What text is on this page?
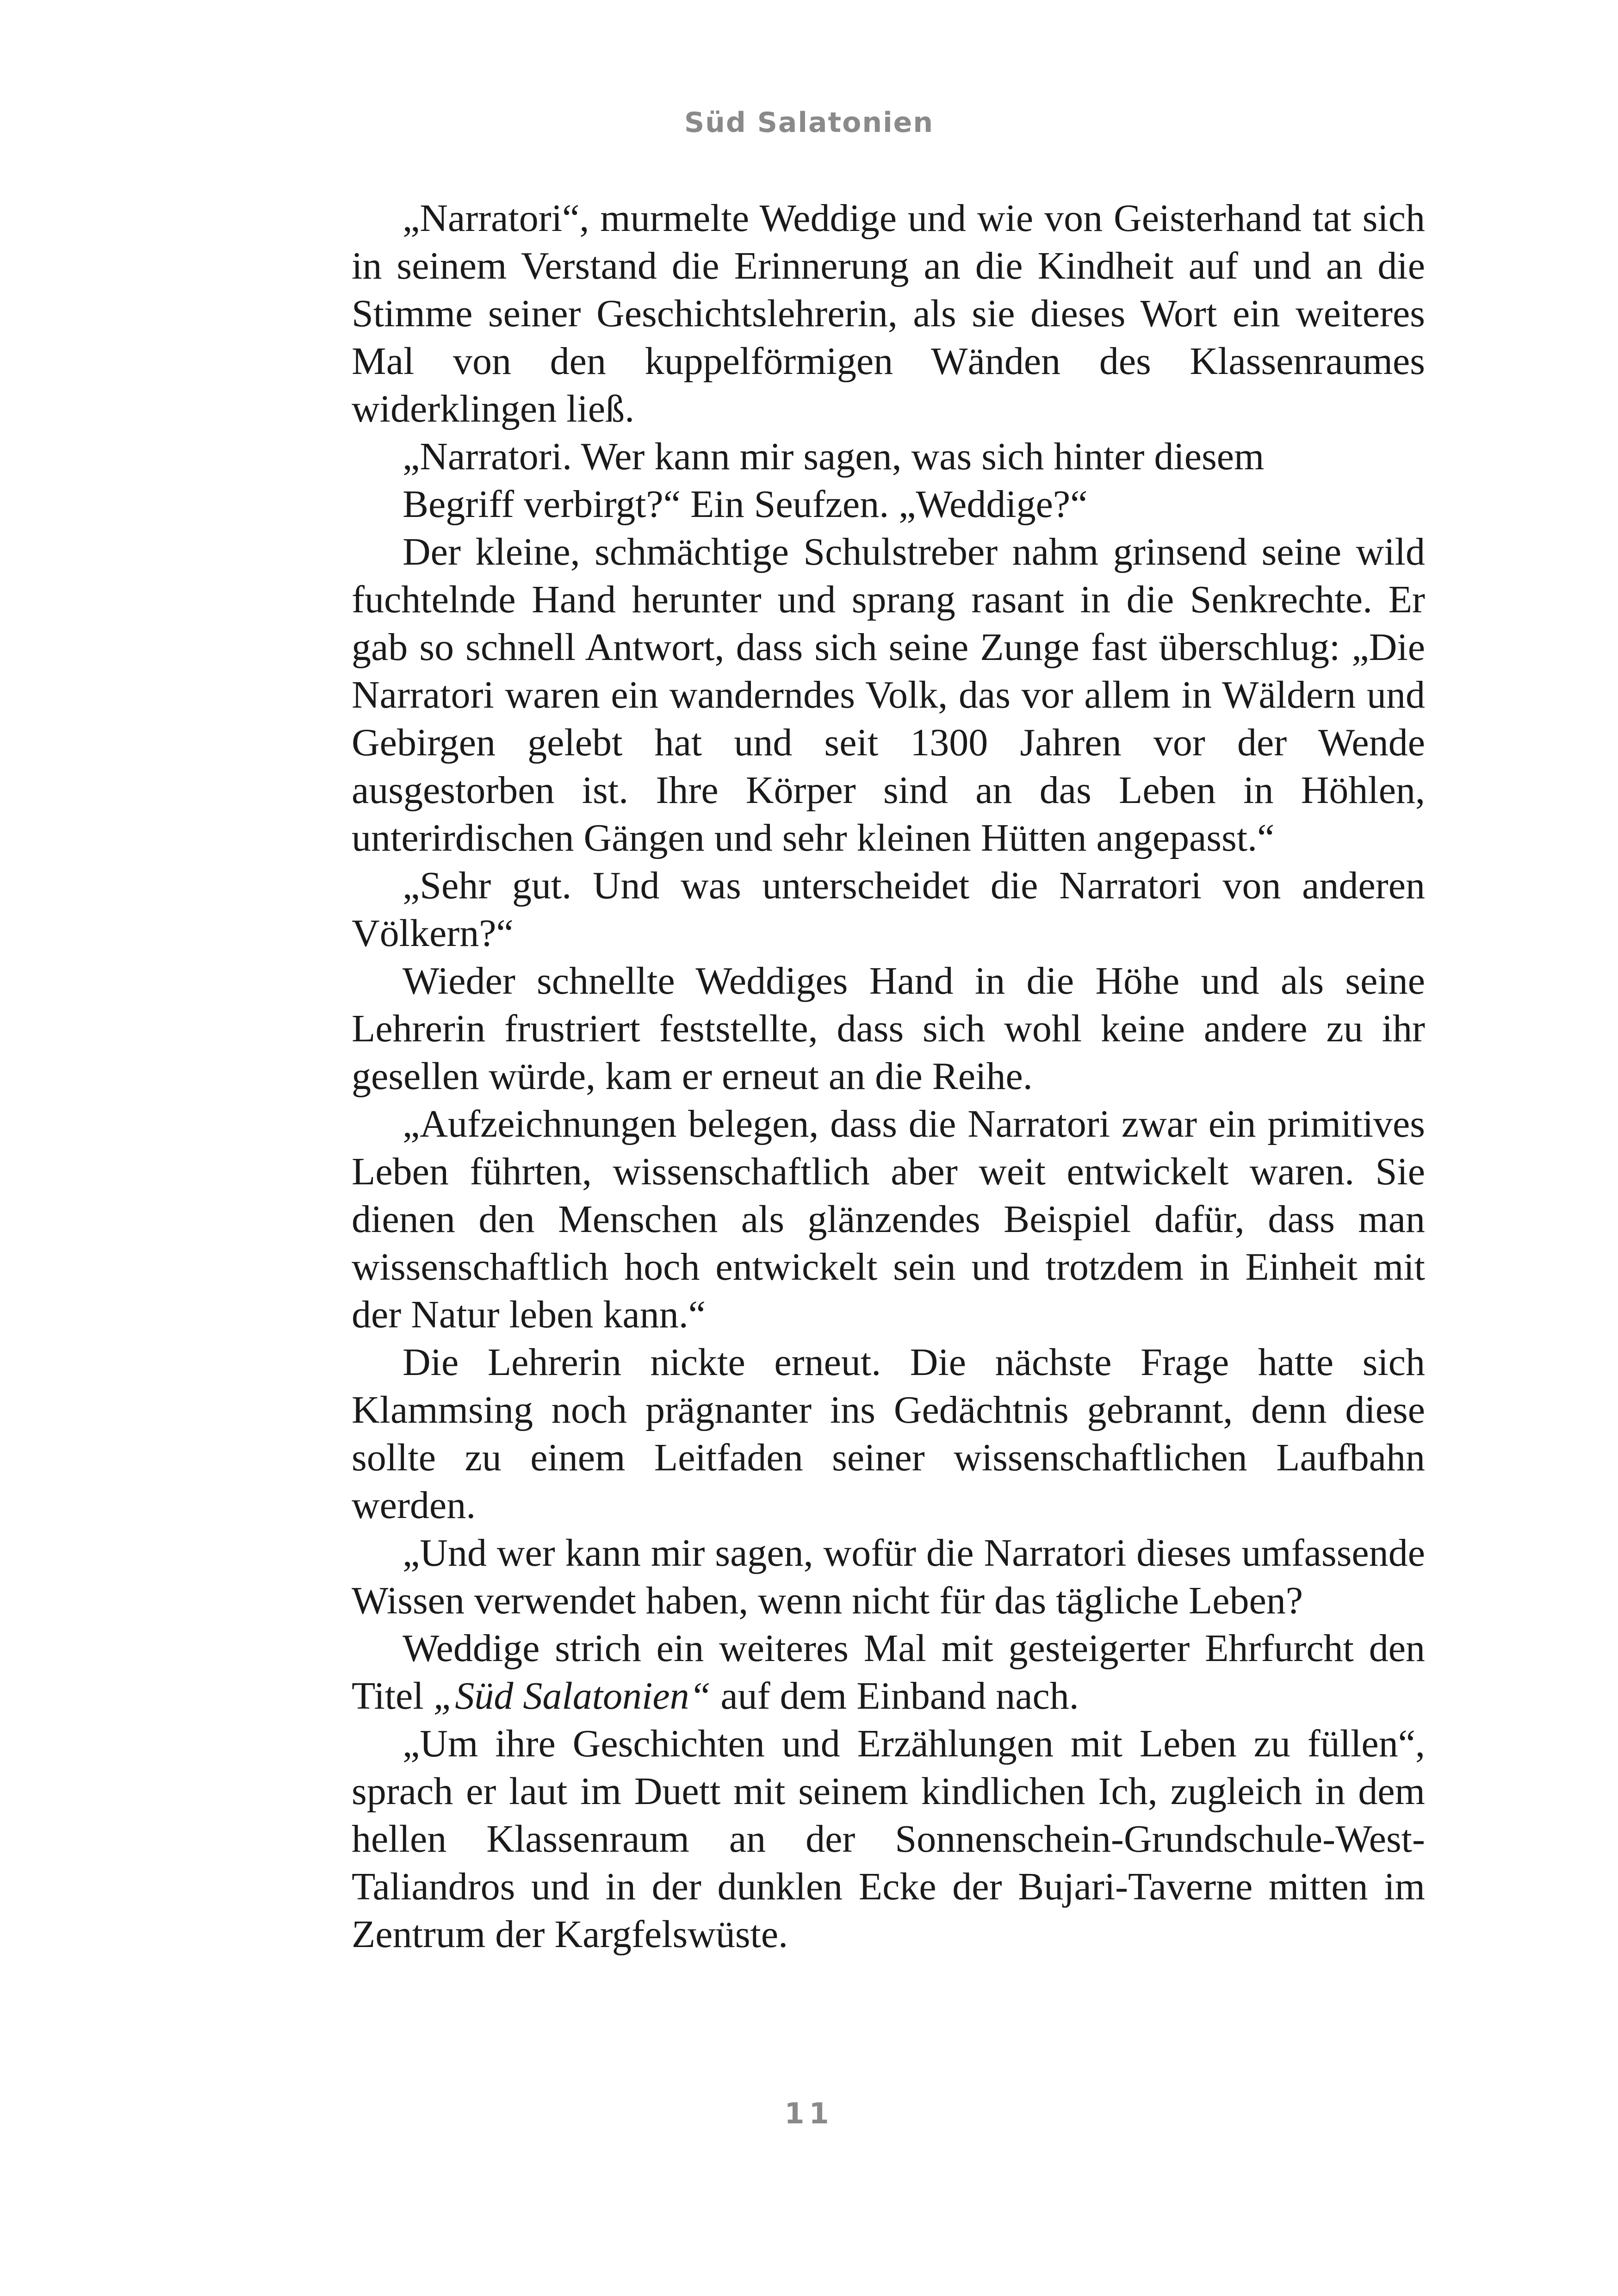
Süd Salatonien

„Narratori“, murmelte Weddige und wie von Geisterhand tat sich in seinem Verstand die Erinnerung an die Kindheit auf und an die Stimme seiner Geschichtslehrerin, als sie dieses Wort ein weiteres Mal von den kuppelförmigen Wänden des Klassenraumes widerklingen ließ.

„Narratori. Wer kann mir sagen, was sich hinter diesem

Begriff verbirgt?“ Ein Seufzen. „Weddige?“

Der kleine, schmächtige Schulstreber nahm grinsend seine wild fuchtelnde Hand herunter und sprang rasant in die Senkrechte. Er gab so schnell Antwort, dass sich seine Zunge fast überschlug: „Die Narratori waren ein wanderndes Volk, das vor allem in Wäldern und Gebirgen gelebt hat und seit 1300 Jahren vor der Wende ausgestorben ist. Ihre Körper sind an das Leben in Höhlen, unterirdischen Gängen und sehr kleinen Hütten angepasst.“

„Sehr gut. Und was unterscheidet die Narratori von anderen Völkern?“

Wieder schnellte Weddiges Hand in die Höhe und als seine Lehrerin frustriert feststellte, dass sich wohl keine andere zu ihr gesellen würde, kam er erneut an die Reihe.

„Aufzeichnungen belegen, dass die Narratori zwar ein primitives Leben führten, wissenschaftlich aber weit entwickelt waren. Sie dienen den Menschen als glänzendes Beispiel dafür, dass man wissenschaftlich hoch entwickelt sein und trotzdem in Einheit mit der Natur leben kann.“

Die Lehrerin nickte erneut. Die nächste Frage hatte sich Klammsing noch prägnanter ins Gedächtnis gebrannt, denn diese sollte zu einem Leitfaden seiner wissenschaftlichen Laufbahn werden.

„Und wer kann mir sagen, wofür die Narratori dieses umfassende Wissen verwendet haben, wenn nicht für das tägliche Leben?

Weddige strich ein weiteres Mal mit gesteigerter Ehrfurcht den Titel „Süd Salatonien“ auf dem Einband nach.

„Um ihre Geschichten und Erzählungen mit Leben zu füllen“, sprach er laut im Duett mit seinem kindlichen Ich, zugleich in dem hellen Klassenraum an der Sonnenschein-Grundschule-West-Taliandros und in der dunklen Ecke der Bujari-Taverne mitten im Zentrum der Kargfelswüste.

11
